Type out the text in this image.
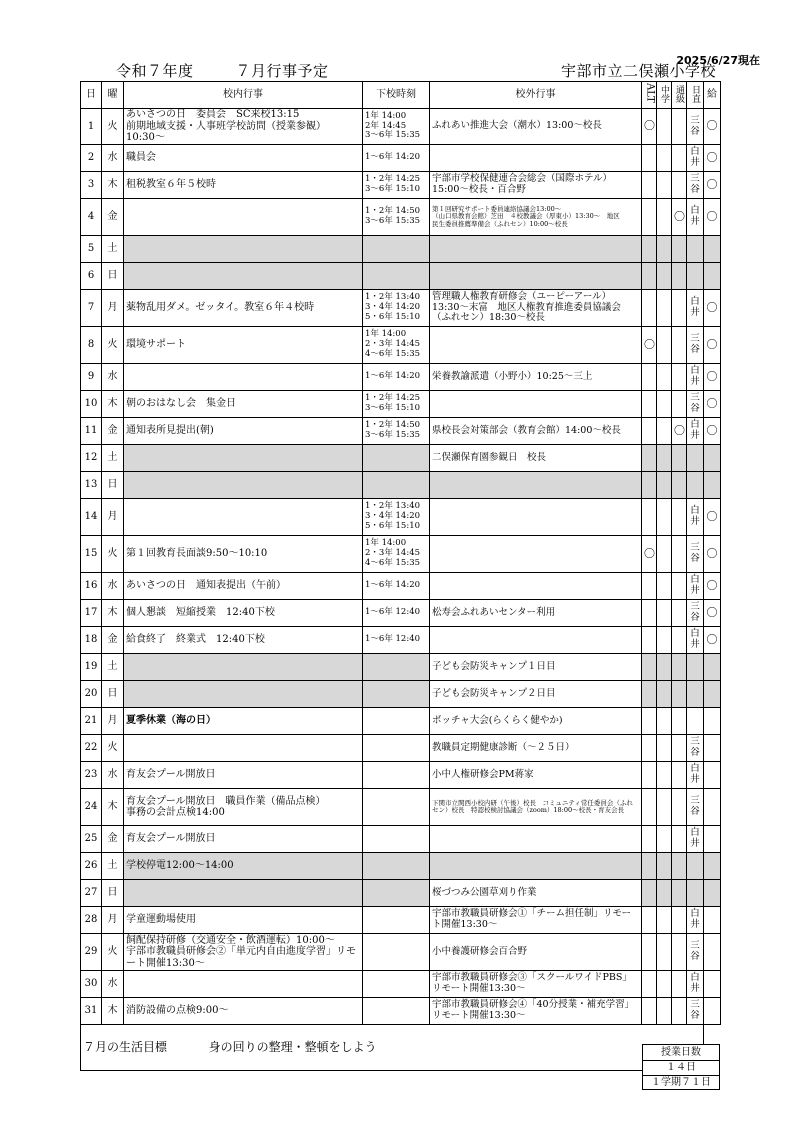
2025/6/27現在
令和７年度	７月行事予定	宇部市立二俣瀬小学校
日	曜	校内行事	下校時刻	校外行事	ALT	中学	通級	日直	給
1	火	あいさつの日　委員会　SC来校13:15
前期地域支援・人事班学校訪問（授業参観）10:30〜	1年 14:00
2年 14:45
3〜6年 15:35	ふれあい推進大会（潮水）13:00〜校長	〇			三
谷	〇
2	水	職員会	1〜6年 14:20					白
井	〇
3	木	租税教室６年５校時	1・2年 14:25
3〜6年 15:10	宇部市学校保健連合会総会（国際ホテル）
15:00〜校長・百合野				三
谷	〇
4	金		1・2年 14:50
3〜6年 15:35	第１回研究サポート委員連絡協議会13:00〜
（山口県教育会館）芝田　４校教議会（厚東小）13:30〜　地区
民生委員推薦準備会（ふれセン）10:00〜校長			〇	白
井	〇
5	土								
6	日								
7	月	薬物乱用ダメ。ゼッタイ。教室６年４校時	1・2年 13:40
3・4年 14:20
5・6年 15:10	管理職人権教育研修会（ユーピーアール）
13:30〜末富　地区人権教育推進委員協議会
（ふれセン）18:30〜校長				白
井	〇
8	火	環境サポート	1年 14:00
2・3年 14:45
4〜6年 15:35		〇			三
谷	〇
9	水		1〜6年 14:20	栄養教諭派遣（小野小）10:25〜三上				白
井	〇
10	木	朝のおはなし会　集金日	1・2年 14:25
3〜6年 15:10					三
谷	〇
11	金	通知表所見提出(朝)	1・2年 14:50
3〜6年 15:35	県校長会対策部会（教育会館）14:00〜校長			〇	白
井	〇
12	土			二俣瀬保育園参観日　校長					
13	日								
14	月		1・2年 13:40
3・4年 14:20
5・6年 15:10					白
井	〇
15	火	第１回教育長面談9:50〜10:10	1年 14:00
2・3年 14:45
4〜6年 15:35		〇			三
谷	〇
16	水	あいさつの日　通知表提出（午前）	1〜6年 14:20					白
井	〇
17	木	個人懇談　短縮授業　12:40下校	1〜6年 12:40	松寿会ふれあいセンター利用				三
谷	〇
18	金	給食終了　終業式　12:40下校	1〜6年 12:40					白
井	〇
19	土			子ども会防災キャンプ１日目					
20	日			子ども会防災キャンプ２日目					
21	月	夏季休業（海の日）		ボッチャ大会(らくらく健やか)					
22	火			教職員定期健康診断（〜２５日）				三
谷	
23	水	育友会プール開放日		小中人権研修会PM蒋家				白
井	
24	木	育友会プール開放日　職員作業（備品点検）
事務の会計点検14:00		下関市立関西小校内研（午後）校長　コミュニティ常任委員会（ふれセン）校長　特認校検討協議会（zoom）18:00〜校長・育友会長				三
谷	
25	金	育友会プール開放日						白
井	
26	土	学校停電12:00〜14:00							
27	日			桜づつみ公園草刈り作業					
28	月	学童運動場使用		宇部市教職員研修会①「チーム担任制」リモート開催13:30〜				白
井	
29	火	飼配保持研修（交通安全・飲酒運転）10:00〜
宇部市教職員研修会②「単元内自由進度学習」リモート開催13:30〜		小中養護研修会百合野				三
谷	
30	水			宇部市教職員研修会③「スクールワイドPBS」リモート開催13:30〜				白
井	
31	木	消防設備の点検9:00〜		宇部市教職員研修会④「40分授業・補充学習」リモート開催13:30〜				三
谷	
７月の生活目標 身の回りの整理・整頓をしよう									授業日数
１４日
１学期７１日
